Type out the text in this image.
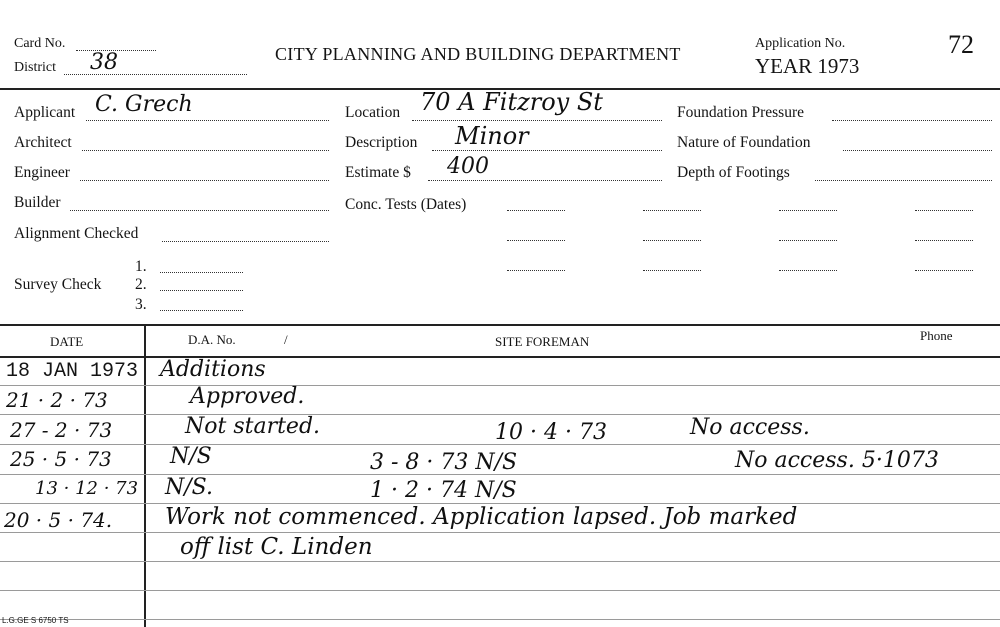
Card No.
District 38	CITY PLANNING AND BUILDING DEPARTMENT
Application No.	72
YEAR 1973
Applicant C. Grech
Architect
Engineer
Builder
Alignment Checked
Survey Check
1.
2.
3.
Location 70 A Fitzroy St
Description Minor
Estimate $ 400
Conc. Tests (Dates)
Foundation Pressure
Nature of Foundation
Depth of Footings
DATE	D.A. No.	/	SITE FOREMAN	Phone
18 JAN 1973 Additions
21 · 2 · 73	Approved.
27 - 2 · 73	Not started.	10 · 4 · 73	No access.
25 · 5 · 73	N/S	3 - 8 · 73 N/S	No access. 5·1073
13 · 12 · 73 N/S.	1 · 2 · 74 N/S
20 · 5 · 74. Work not commenced. Application lapsed. Job marked
off list C. Linden
L.G.GE S 6750 TS
